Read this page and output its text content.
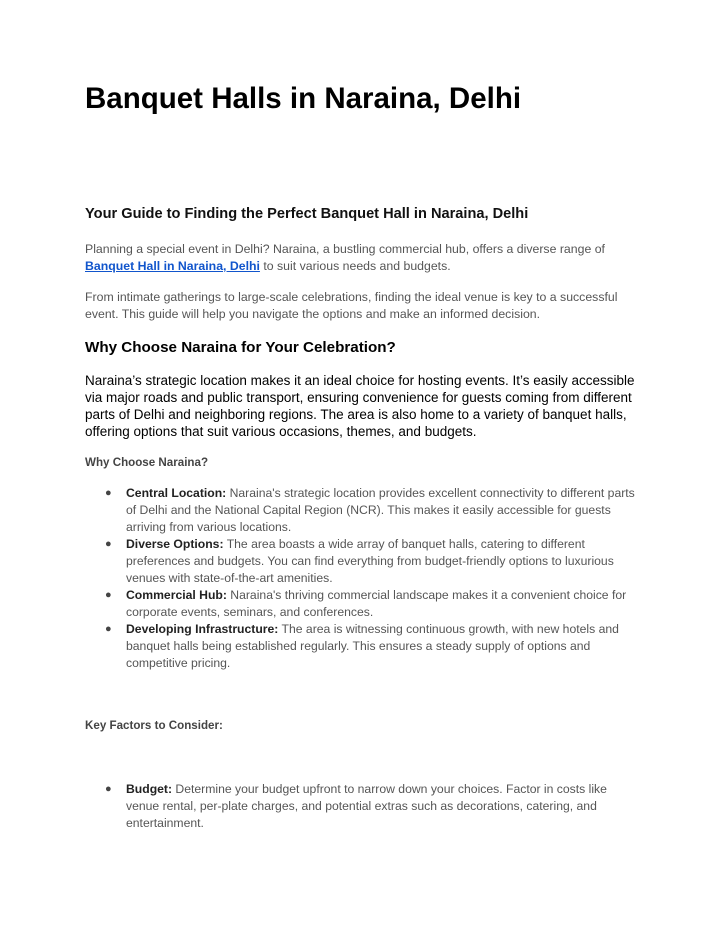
Banquet Halls in Naraina, Delhi
Your Guide to Finding the Perfect Banquet Hall in Naraina, Delhi
Planning a special event in Delhi? Naraina, a bustling commercial hub, offers a diverse range of Banquet Hall in Naraina, Delhi to suit various needs and budgets.
From intimate gatherings to large-scale celebrations, finding the ideal venue is key to a successful event. This guide will help you navigate the options and make an informed decision.
Why Choose Naraina for Your Celebration?
Naraina’s strategic location makes it an ideal choice for hosting events. It’s easily accessible via major roads and public transport, ensuring convenience for guests coming from different parts of Delhi and neighboring regions. The area is also home to a variety of banquet halls, offering options that suit various occasions, themes, and budgets.
Why Choose Naraina?
● Central Location: Naraina's strategic location provides excellent connectivity to different parts of Delhi and the National Capital Region (NCR). This makes it easily accessible for guests arriving from various locations.
● Diverse Options: The area boasts a wide array of banquet halls, catering to different preferences and budgets. You can find everything from budget-friendly options to luxurious venues with state-of-the-art amenities.
● Commercial Hub: Naraina's thriving commercial landscape makes it a convenient choice for corporate events, seminars, and conferences.
● Developing Infrastructure: The area is witnessing continuous growth, with new hotels and banquet halls being established regularly. This ensures a steady supply of options and competitive pricing.
Key Factors to Consider:
● Budget: Determine your budget upfront to narrow down your choices. Factor in costs like venue rental, per-plate charges, and potential extras such as decorations, catering, and entertainment.
